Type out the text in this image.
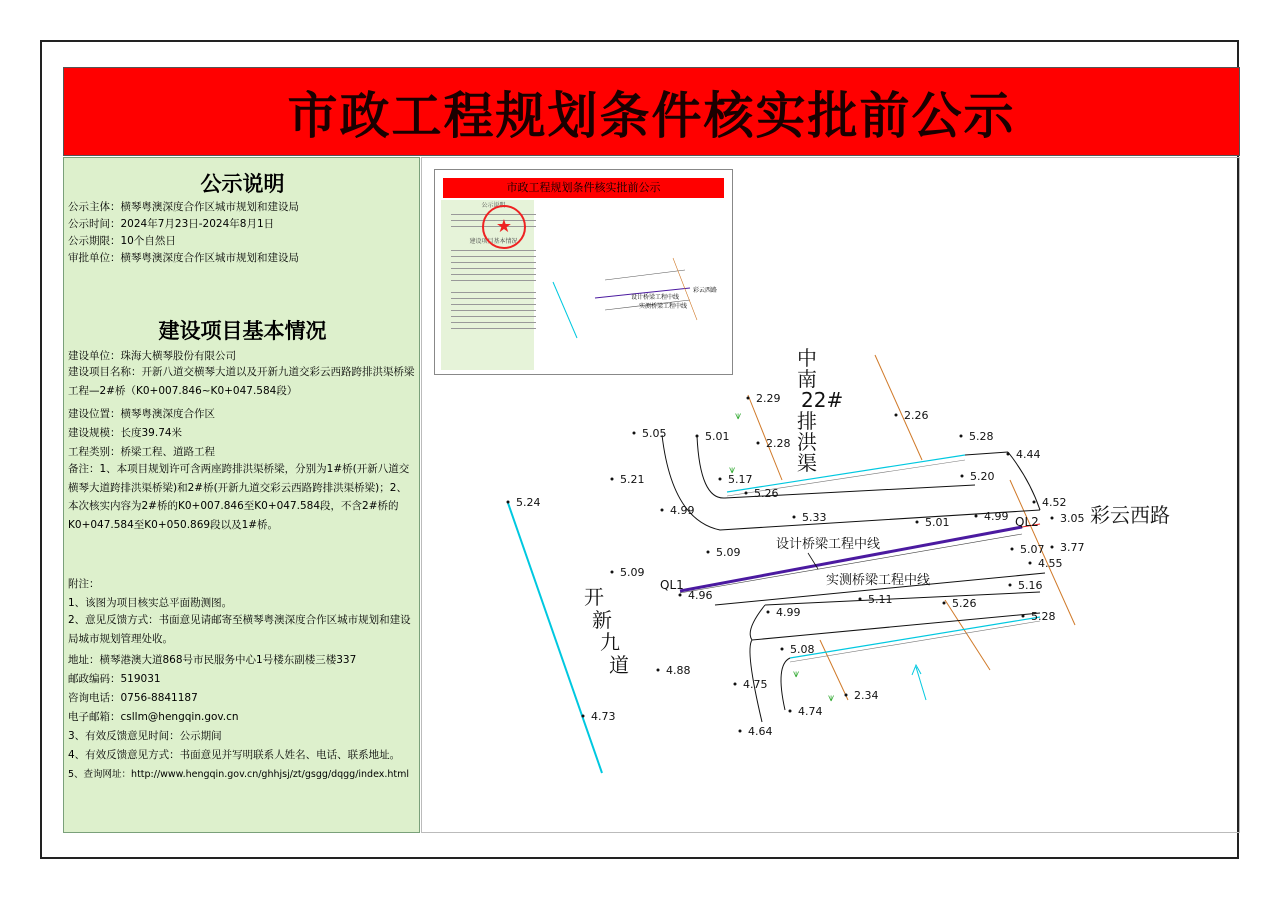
市政工程规划条件核实批前公示
公示说明
公示主体：横琴粤澳深度合作区城市规划和建设局
公示时间：2024年7月23日-2024年8月1日
公示期限：10个自然日
审批单位：横琴粤澳深度合作区城市规划和建设局
建设项目基本情况
建设单位：珠海大横琴股份有限公司
建设项目名称：开新八道交横琴大道以及开新九道交彩云西路跨排洪渠桥梁工程—2#桥（K0+007.846~K0+047.584段）
建设位置：横琴粤澳深度合作区
建设规模：长度39.74米
工程类别：桥梁工程、道路工程
备注：1、本项目规划许可含两座跨排洪渠桥梁，分别为1#桥(开新八道交横琴大道跨排洪渠桥梁)和2#桥(开新九道交彩云西路跨排洪渠桥梁)；2、本次核实内容为2#桥的K0+007.846至K0+047.584段，不含2#桥的K0+047.584至K0+050.869段以及1#桥。
附注：
1、该图为项目核实总平面勘测图。
2、意见反馈方式：书面意见请邮寄至横琴粤澳深度合作区城市规划和建设局城市规划管理处收。
地址：横琴港澳大道868号市民服务中心1号楼东副楼三楼337
邮政编码：519031
咨询电话：0756-8841187
电子邮箱：csllm@hengqin.gov.cn
3、有效反馈意见时间：公示期间
4、有效反馈意见方式：书面意见并写明联系人姓名、电话、联系地址。
5、查询网址：http://www.hengqin.gov.cn/ghhjsj/zt/gsgg/dqgg/index.html
市政工程规划条件核实批前公示
公示说明
建设项目基本情况
★
彩云西路
设计桥梁工程中线
实测桥梁工程中线
⩛
⩛
⩛
⩛
中南 22#排洪渠
开新九道
彩云西路
设计桥梁工程中线
实测桥梁工程中线
QL1
QL2
2.29
2.26
5.05	5.01
2.28
5.28
4.44
5.17
5.26
5.20
5.21
5.24	4.52
3.05
4.99
5.33	5.01	4.99
5.09	5.07 3.77
4.55
5.09
4.96
5.16
5.11	5.26
4.99	5.28
5.08
4.88
4.75
2.34
4.74
4.64
4.73
